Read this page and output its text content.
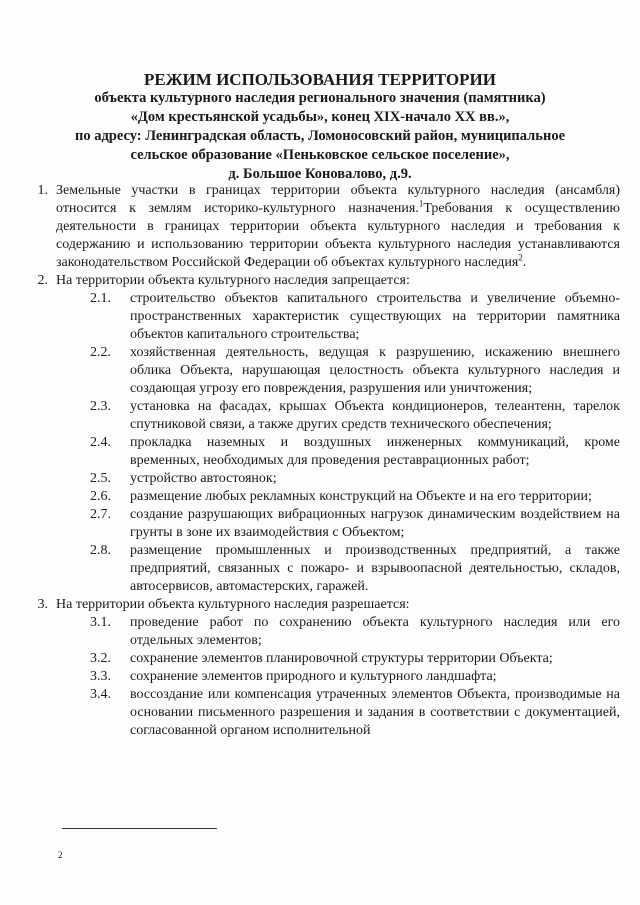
РЕЖИМ ИСПОЛЬЗОВАНИЯ ТЕРРИТОРИИ
объекта культурного наследия регионального значения (памятника)
«Дом крестьянской усадьбы», конец XIX-начало XX вв.»,
по адресу: Ленинградская область, Ломоносовский район, муниципальное
сельское образование «Пеньковское сельское поселение»,
д. Большое Коновалово, д.9.
1. Земельные участки в границах территории объекта культурного наследия (ансамбля) относится к землям историко-культурного назначения.$^1$Требования к осуществлению деятельности в границах территории объекта культурного наследия и требования к содержанию и использованию территории объекта культурного наследия устанавливаются законодательством Российской Федерации об объектах культурного наследия$^2$.
2. На территории объекта культурного наследия запрещается:
2.1.	строительство объектов капитального строительства и увеличение объемно-пространственных характеристик существующих на территории памятника объектов капитального строительства;
2.2.	хозяйственная деятельность, ведущая к разрушению, искажению внешнего облика Объекта, нарушающая целостность объекта культурного наследия и создающая угрозу его повреждения, разрушения или уничтожения;
2.3.	установка на фасадах, крышах Объекта кондиционеров, телеантенн, тарелок спутниковой связи, а также других средств технического обеспечения;
2.4.	прокладка наземных и воздушных инженерных коммуникаций, кроме временных, необходимых для проведения реставрационных работ;
2.5.	устройство автостоянок;
2.6.	размещение любых рекламных конструкций на Объекте и на его территории;
2.7.	создание разрушающих вибрационных нагрузок динамическим воздействием на грунты в зоне их взаимодействия с Объектом;
2.8.	размещение промышленных и производственных предприятий, а также предприятий, связанных с пожаро- и взрывоопасной деятельностью, складов, автосервисов, автомастерских, гаражей.
3. На территории объекта культурного наследия разрешается:
3.1.	проведение работ по сохранению объекта культурного наследия или его отдельных элементов;
3.2.	сохранение элементов планировочной структуры территории Объекта;
3.3.	сохранение элементов природного и культурного ландшафта;
3.4.	воссоздание или компенсация утраченных элементов Объекта, производимые на основании письменного разрешения и задания в соответствии с документацией, согласованной органом исполнительной
2
